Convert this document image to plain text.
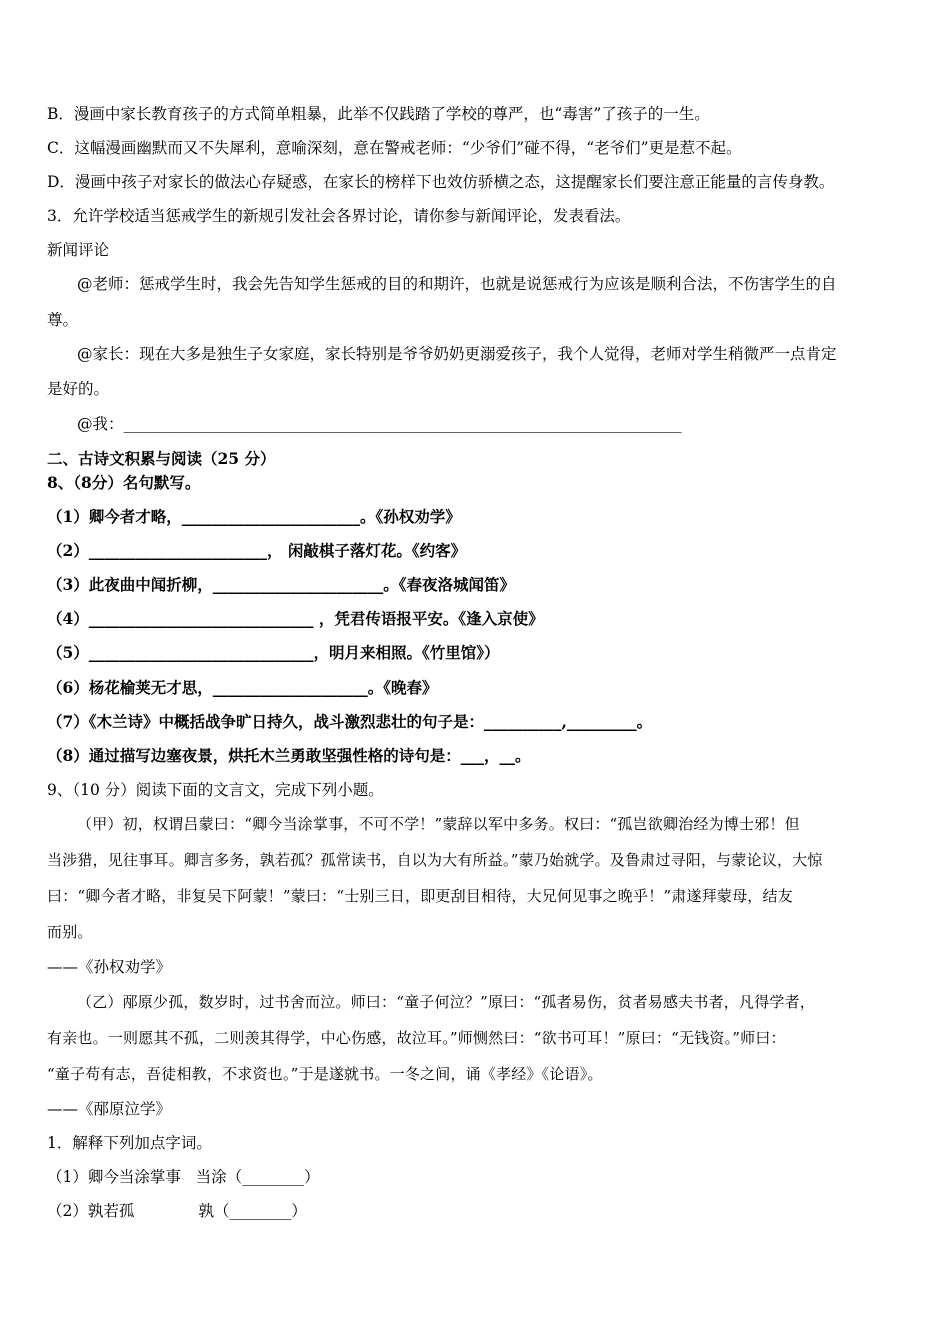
B．漫画中家长教育孩子的方式简单粗暴，此举不仅践踏了学校的尊严，也“毒害”了孩子的一生。
C．这幅漫画幽默而又不失犀利，意喻深刻，意在警戒老师：“少爷们”碰不得，“老爷们”更是惹不起。
D．漫画中孩子对家长的做法心存疑惑，在家长的榜样下也效仿骄横之态，这提醒家长们要注意正能量的言传身教。
3．允许学校适当惩戒学生的新规引发社会各界讨论，请你参与新闻评论，发表看法。
新闻评论
@老师：惩戒学生时，我会先告知学生惩戒的目的和期许，也就是说惩戒行为应该是顺利合法，不伤害学生的自
尊。
@家长：现在大多是独生子女家庭，家长特别是爷爷奶奶更溺爱孩子，我个人觉得，老师对学生稍微严一点肯定
是好的。
@我：________________________________________________________________________
二、古诗文积累与阅读（25 分）
8、（8分）名句默写。
（1）卿今者才略，_______________________。《孙权劝学》
（2）_______________________， 闲敲棋子落灯花。《约客》
（3）此夜曲中闻折柳，______________________。《春夜洛城闻笛》
（4）_____________________________ ，凭君传语报平安。《逢入京使》
（5）_____________________________，明月来相照。《竹里馆》）
（6）杨花榆荚无才思，____________________。《晚春》
（7）《木兰诗》中概括战争旷日持久，战斗激烈悲壮的句子是：__________,_________。
（8）通过描写边塞夜景，烘托木兰勇敢坚强性格的诗句是：___，__。
9、（10 分）阅读下面的文言文，完成下列小题。
（甲）初，权谓吕蒙曰：“卿今当涂掌事，不可不学！”蒙辞以军中多务。权曰：“孤岂欲卿治经为博士邪！但
当涉猎，见往事耳。卿言多务，孰若孤？孤常读书，自以为大有所益。”蒙乃始就学。及鲁肃过寻阳，与蒙论议，大惊
曰：“卿今者才略，非复吴下阿蒙！”蒙曰：“士别三日，即更刮目相待，大兄何见事之晚乎！”肃遂拜蒙母，结友
而别。
——《孙权劝学》
（乙）邴原少孤，数岁时，过书舍而泣。师曰：“童子何泣？”原曰：“孤者易伤，贫者易感夫书者，凡得学者，
有亲也。一则愿其不孤，二则羡其得学，中心伤感，故泣耳。”师恻然曰：“欲书可耳！”原曰：“无钱资。”师曰：
“童子苟有志，吾徒相教，不求资也。”于是遂就书。一冬之间，诵《孝经》《论语》。
——《邴原泣学》
1．解释下列加点字词。
（1）卿今当涂掌事   当涂（________）
（2）孰若孤             孰（________）
